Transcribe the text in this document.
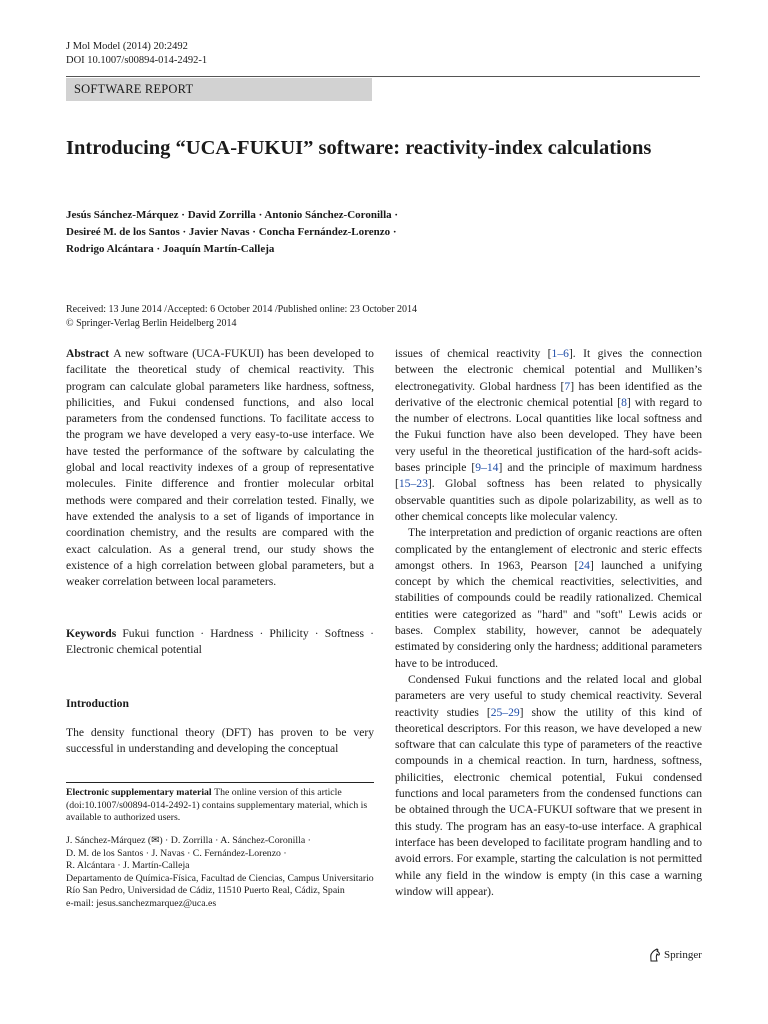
J Mol Model (2014) 20:2492
DOI 10.1007/s00894-014-2492-1
SOFTWARE REPORT
Introducing “UCA-FUKUI” software: reactivity-index calculations
Jesús Sánchez-Márquez · David Zorrilla · Antonio Sánchez-Coronilla ·
Desireé M. de los Santos · Javier Navas · Concha Fernández-Lorenzo ·
Rodrigo Alcántara · Joaquín Martín-Calleja
Received: 13 June 2014 /Accepted: 6 October 2014 /Published online: 23 October 2014
© Springer-Verlag Berlin Heidelberg 2014

Abstract A new software (UCA-FUKUI) has been developed to facilitate the theoretical study of chemical reactivity. This program can calculate global parameters like hardness, softness, philicities, and Fukui condensed functions, and also local parameters from the condensed functions. To facilitate access to the program we have developed a very easy-to-use interface. We have tested the performance of the software by calculating the global and local reactivity indexes of a group of representative molecules. Finite difference and frontier molecular orbital methods were compared and their correlation tested. Finally, we have extended the analysis to a set of ligands of importance in coordination chemistry, and the results are compared with the exact calculation. As a general trend, our study shows the existence of a high correlation between global parameters, but a weaker correlation between local parameters.

Keywords Fukui function · Hardness · Philicity · Softness · Electronic chemical potential

Introduction

The density functional theory (DFT) has proven to be very successful in understanding and developing the conceptual

Electronic supplementary material The online version of this article (doi:10.1007/s00894-014-2492-1) contains supplementary material, which is available to authorized users.
J. Sánchez-Márquez (✉) · D. Zorrilla · A. Sánchez-Coronilla ·
D. M. de los Santos · J. Navas · C. Fernández-Lorenzo ·
R. Alcántara · J. Martín-Calleja
Departamento de Química-Física, Facultad de Ciencias, Campus Universitario Río San Pedro, Universidad de Cádiz, 11510 Puerto Real, Cádiz, Spain
e-mail: jesus.sanchezmarquez@uca.es

issues of chemical reactivity [1–6]. It gives the connection between the electronic chemical potential and Mulliken’s electronegativity. Global hardness [7] has been identified as the derivative of the electronic chemical potential [8] with regard to the number of electrons. Local quantities like local softness and the Fukui function have also been developed. They have been very useful in the theoretical justification of the hard-soft acids-bases principle [9–14] and the principle of maximum hardness [15–23]. Global softness has been related to physically observable quantities such as dipole polarizability, as well as to other chemical concepts like molecular valency.

The interpretation and prediction of organic reactions are often complicated by the entanglement of electronic and steric effects amongst others. In 1963, Pearson [24] launched a unifying concept by which the chemical reactivities, selectivities, and stabilities of compounds could be readily rationalized. Chemical entities were categorized as "hard" and "soft" Lewis acids or bases. Complex stability, however, cannot be adequately estimated by considering only the hardness; additional parameters have to be introduced.

Condensed Fukui functions and the related local and global parameters are very useful to study chemical reactivity. Several reactivity studies [25–29] show the utility of this kind of theoretical descriptors. For this reason, we have developed a new software that can calculate this type of parameters of the reactive compounds in a chemical reaction. In turn, hardness, softness, philicities, electronic chemical potential, Fukui condensed functions and local parameters from the condensed functions can be obtained through the UCA-FUKUI software that we present in this study. The program has an easy-to-use interface. A graphical interface has been developed to facilitate program handling and to avoid errors. For example, starting the calculation is not permitted while any field in the window is empty (in this case a warning window will appear).

Springer
